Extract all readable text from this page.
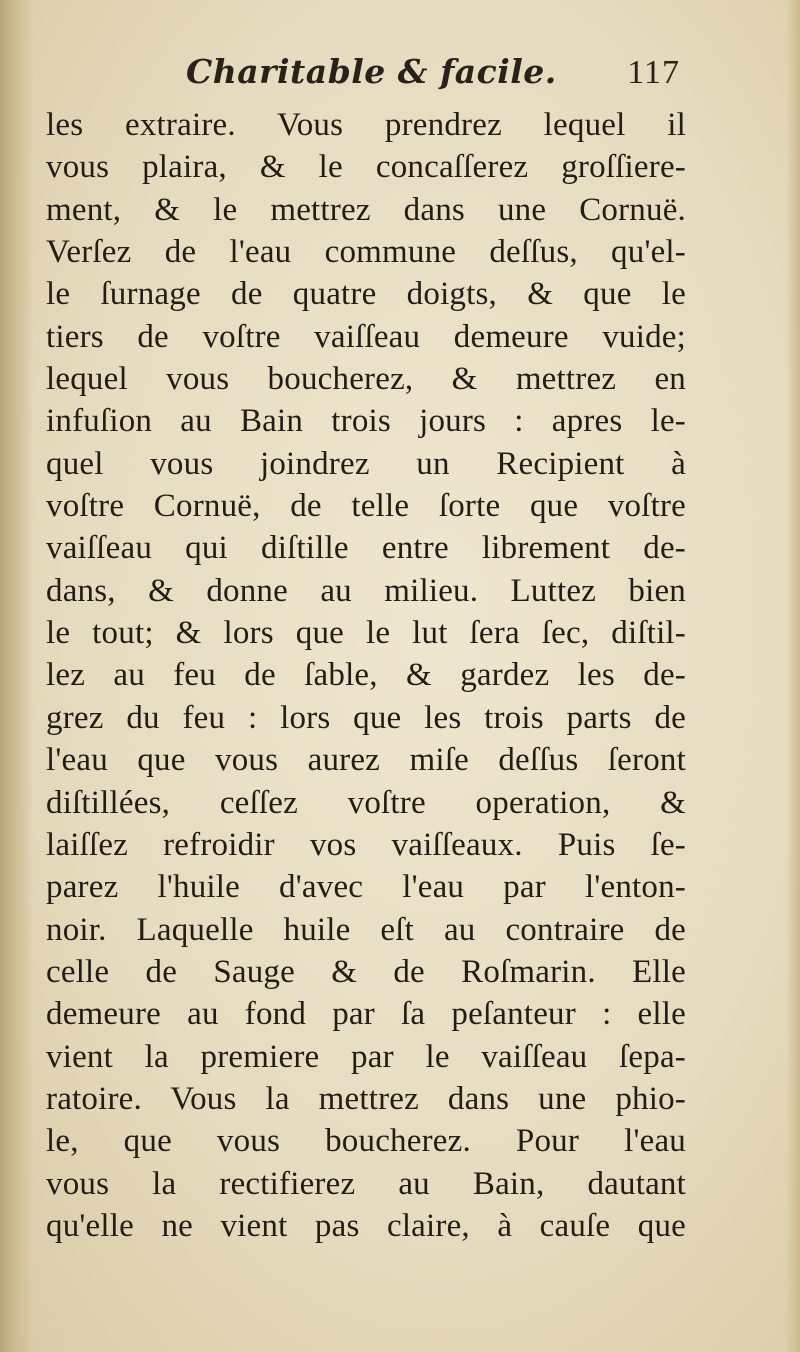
Charitable & facile. 117
les extraire. Vous prendrez lequel il
vous plaira, & le concaſſerez groſſiere-
ment, & le mettrez dans une Cornuë.
Verſez de l'eau commune deſſus, qu'el-
le ſurnage de quatre doigts, & que le
tiers de voſtre vaiſſeau demeure vuide;
lequel vous boucherez, & mettrez en
infuſion au Bain trois jours : apres le-
quel vous joindrez un Recipient à
voſtre Cornuë, de telle ſorte que voſtre
vaiſſeau qui diſtille entre librement de-
dans, & donne au milieu. Luttez bien
le tout; & lors que le lut ſera ſec, diſtil-
lez au feu de ſable, & gardez les de-
grez du feu : lors que les trois parts de
l'eau que vous aurez miſe deſſus ſeront
diſtillées, ceſſez voſtre operation, &
laiſſez refroidir vos vaiſſeaux. Puis ſe-
parez l'huile d'avec l'eau par l'enton-
noir. Laquelle huile eſt au contraire de
celle de Sauge & de Roſmarin. Elle
demeure au fond par ſa peſanteur : elle
vient la premiere par le vaiſſeau ſepa-
ratoire. Vous la mettrez dans une phio-
le, que vous boucherez. Pour l'eau
vous la rectifierez au Bain, dautant
qu'elle ne vient pas claire, à cauſe que
